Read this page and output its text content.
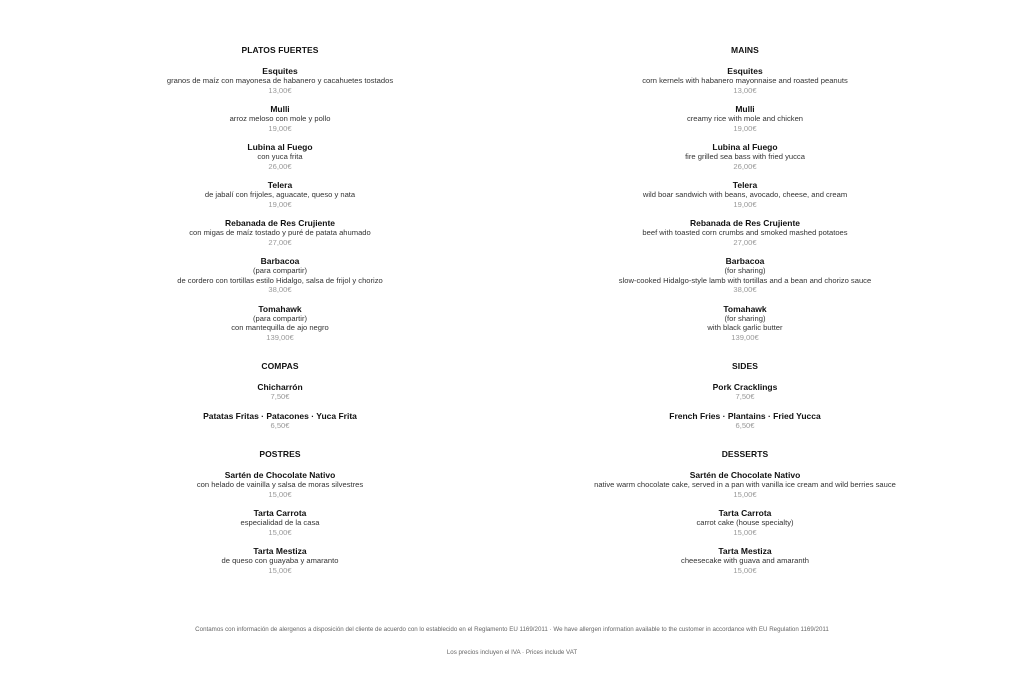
PLATOS FUERTES
Esquites
granos de maíz con mayonesa de habanero y cacahuetes tostados
13,00€
Mulli
arroz meloso con mole y pollo
19,00€
Lubina al Fuego
con yuca frita
26,00€
Telera
de jabalí con frijoles, aguacate, queso y nata
19,00€
Rebanada de Res Crujiente
con migas de maíz tostado y puré de patata ahumado
27,00€
Barbacoa
(para compartir)
de cordero con tortillas estilo Hidalgo, salsa de frijol y chorizo
38,00€
Tomahawk
(para compartir)
con mantequilla de ajo negro
139,00€
COMPAS
Chicharrón
7,50€
Patatas Fritas · Patacones · Yuca Frita
6,50€
POSTRES
Sartén de Chocolate Nativo
con helado de vainilla y salsa de moras silvestres
15,00€
Tarta Carrota
especialidad de la casa
15,00€
Tarta Mestiza
de queso con guayaba y amaranto
15,00€
MAINS
Esquites
corn kernels with habanero mayonnaise and roasted peanuts
13,00€
Mulli
creamy rice with mole and chicken
19,00€
Lubina al Fuego
fire grilled sea bass with fried yucca
26,00€
Telera
wild boar sandwich with beans, avocado, cheese, and cream
19,00€
Rebanada de Res Crujiente
beef with toasted corn crumbs and smoked mashed potatoes
27,00€
Barbacoa
(for sharing)
slow-cooked Hidalgo-style lamb with tortillas and a bean and chorizo sauce
38,00€
Tomahawk
(for sharing)
with black garlic butter
139,00€
SIDES
Pork Cracklings
7,50€
French Fries · Plantains · Fried Yucca
6,50€
DESSERTS
Sartén de Chocolate Nativo
native warm chocolate cake, served in a pan with vanilla ice cream and wild berries sauce
15,00€
Tarta Carrota
carrot cake (house specialty)
15,00€
Tarta Mestiza
cheesecake with guava and amaranth
15,00€
Contamos con información de alergenos a disposición del cliente de acuerdo con lo establecido en el Reglamento EU 1169/2011 · We have allergen information available to the customer in accordance with EU Regulation 1169/2011
Los precios incluyen el IVA · Prices include VAT
